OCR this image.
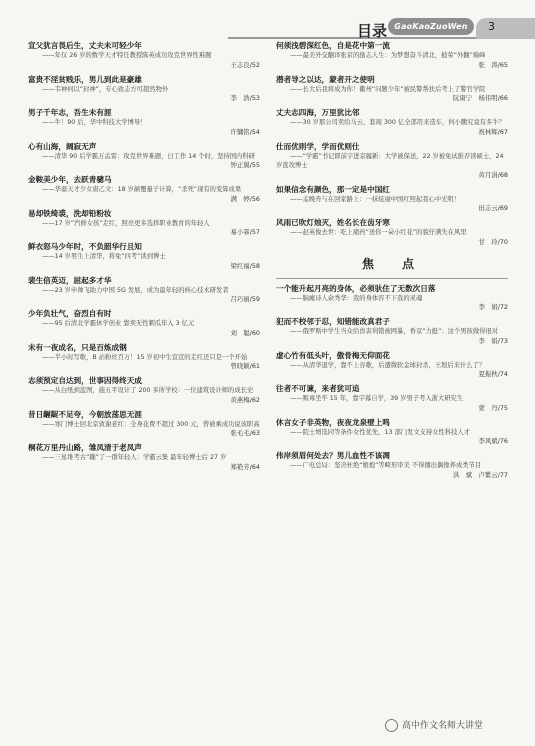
目录 GaoKaoZuoWen	3
宣父犹言畏后生，丈夫未可轻少年
——年仅 26 岁的数学天才特任教授陈英成功攻克世界性难题
王志良/52
富贵不淫贫贱乐，男儿到此是豪雄
——韦神何以“封神”，专心致志方可超然物外
李　浩/53
男子千年志，吾生未有涯
——牛！90 后，华中科技大学博导！
许镛铭/54
心有山海，阔寂无声
——清华 90 后学霸万孟雷：攻克世界难题，日工作 14 个时，坚持国内科研
钟正翼/55
金鞍美少年，去跃青骢马
——华裔天才少女唐乙文：18 岁颠覆量子计算，“杀死”现有的变算成果
满　婷/56
易却铁绮裘，洗却铅粉妆
——17 岁“汽修女孩”走红，照亮更多选择职业教育的年轻人
易小霏/57
鲜衣怒马少年时，不负韶华行且知
——14 岁男生上清华，将免“四考”读到博士
梁红福/58
裴生倍英迈，屈起多才华
——23 岁申帅飞助力中国 5G 发展，成为最年轻的核心技术研发者
吕巧丽/59
少年负壮气，奋烈自有时
——95 后清北学霸休学创业 靠卖无性刺瓜年入 3 亿元
刘　聪/60
未有一夜成名，只是百炼成钢
——半小时写歌，B 站粉丝百万！15 岁初中生宣宣的走红还只是一个开始
曾晓颖/61
志须预定自达到，世事因得终天成
——从白纸到蓝图，施五平设计了 200 多所学校：一位建筑设计师的成长史
黄燕梅/62
昔日龌龊不足夸，今朝放荡思无涯
——寒门博士回北京致谢老红：全身花费不超过 300 元，曾被乘成功说该职高
张毛毛/63
桐花万里丹山路，雏凤清于老凤声
——三星堆考古“蹦”了一群年轻人：学霸云集 最年轻博士后 27 岁
郑艳芳/64
何须浅碧深红色，自是花中第一流
——最美外交翻译张京的励志人生：为梦想奋斗清北，披荣“外翻”巅峰
张　涛/65
潜者导之以达，蒙者开之使明
——长大后我将成为你！衢州“问题少年”被民警帮扶后考上了警官学院
阮康宁　杨伟明/66
丈夫志四海，万里犹比邻
——30 岁那公司卖给马云，套现 300 亿全部用来造车，何小鹏究竟有多牛？
祝林辉/67
仕而优则学，学而优则仕
——“学霸”书记即前宇进京履新：大学被保送，22 岁被免试推荐读硕士，24 岁直攻博士
黄月涓/68
如果信念有颜色，那一定是中国红
——孟晚舟与在回家路上：一抹炫丽中国红照起我心中光明！
田志云/69
风雨已吹灯烛灭，姓名长在齿牙寒
——赵英俊去世：吃上痛药“送你一朵小红花”的貌仔满失在风里
甘　玲/70
焦　点
一个能升起月亮的身体，必须驮住了无数次日落
——脑瘫诗人余秀华：我的身体容不下我的灵魂
李　娟/72
犯而不校邻于忍，知错能改真君子
——俄罗斯中学生当众给兽害利错被网暴，香京“力挺”：这个男孩做得很对
李　娟/73
虚心竹有低头叶，傲骨梅无仰面花
——从清华退学，靠不上谷歌，后遭微软金球封杀，王垠后来什么了？
夏振秋/74
往者不可谏，来者犹可追
——贩毒坐牢 15 年，靠字幕自学，39 岁男子考入浙大研究生
蒙　丹/75
休言女子非英物，夜夜龙泉壁上鸣
——院士增选同等条件女性优先，13 部门发文支持女性科技人才
李风斌/76
伟岸须眉何处去？男儿血性不该凋
——广电总局：坚决杜绝“娘炮”等畸形审美 不得播出偶像养成类节目
洪　斌　卢紫云/77
高中作文名师大讲堂
